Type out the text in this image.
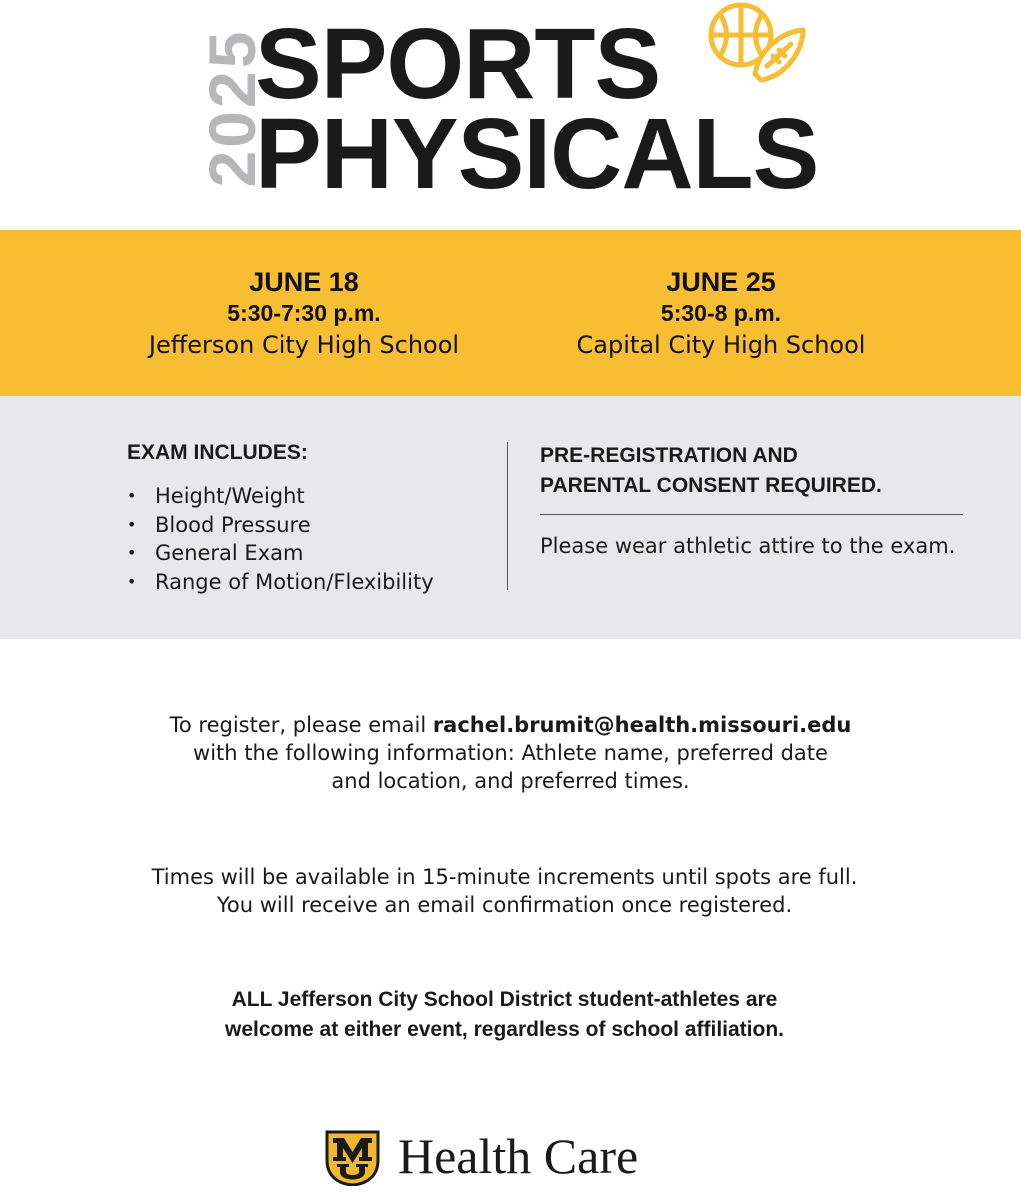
2025
SPORTS
PHYSICALS
JUNE 18
5:30-7:30 p.m.
Jefferson City High School
JUNE 25
5:30-8 p.m.
Capital City High School
EXAM INCLUDES:
• Height/Weight
• Blood Pressure
• General Exam
• Range of Motion/Flexibility
PRE-REGISTRATION AND
PARENTAL CONSENT REQUIRED.
Please wear athletic attire to the exam.
To register, please email rachel.brumit@health.missouri.edu
with the following information: Athlete name, preferred date
and location, and preferred times.
Times will be available in 15-minute increments until spots are full.
You will receive an email confirmation once registered.
ALL Jefferson City School District student-athletes are
welcome at either event, regardless of school affiliation.
Health Care
